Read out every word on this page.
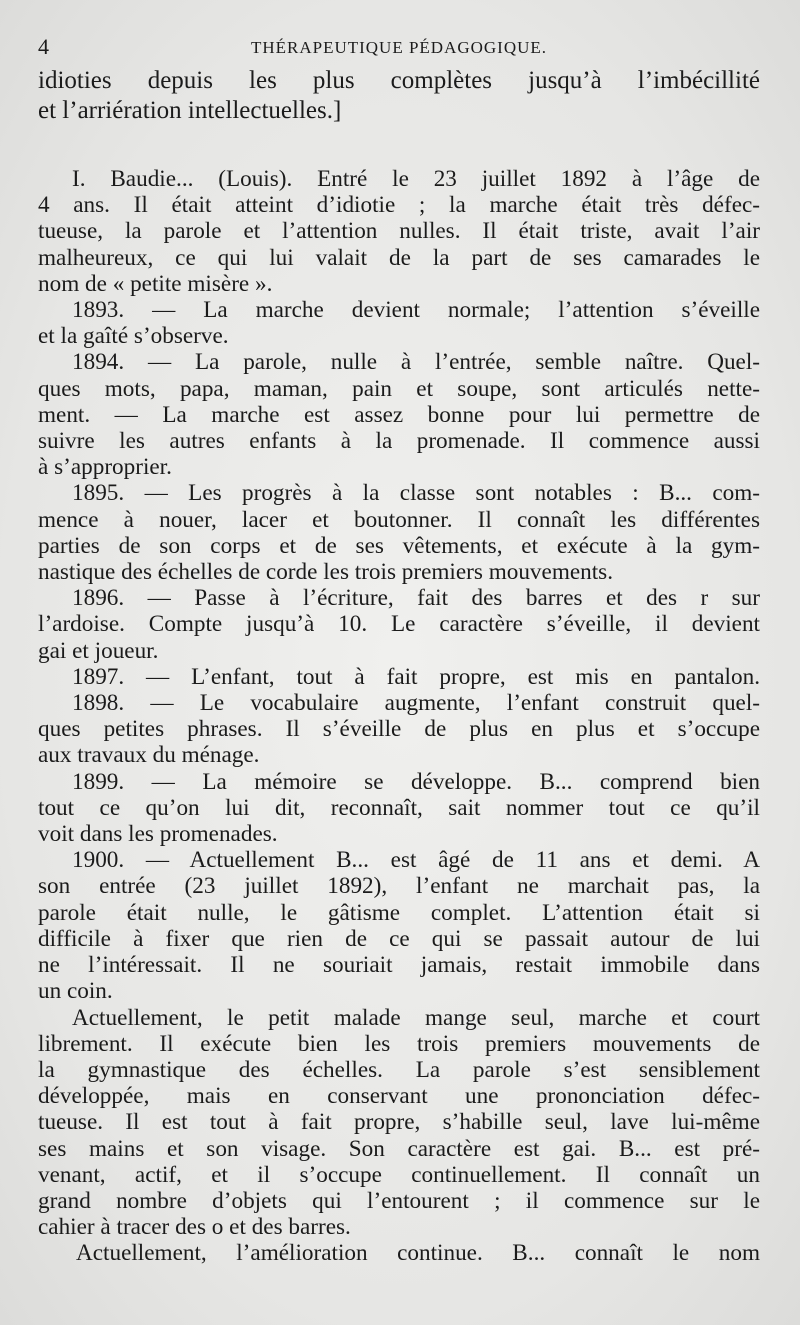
4	THÉRAPEUTIQUE PÉDAGOGIQUE.
idioties depuis les plus complètes jusqu’à l’imbécillité
et l’arriération intellectuelles.]
I. Baudie... (Louis). Entré le 23 juillet 1892 à l’âge de
4 ans. Il était atteint d’idiotie ; la marche était très défec-
tueuse, la parole et l’attention nulles. Il était triste, avait l’air
malheureux, ce qui lui valait de la part de ses camarades le
nom de « petite misère ».
1893. — La marche devient normale; l’attention s’éveille
et la gaîté s’observe.
1894. — La parole, nulle à l’entrée, semble naître. Quel-
ques mots, papa, maman, pain et soupe, sont articulés nette-
ment. — La marche est assez bonne pour lui permettre de
suivre les autres enfants à la promenade. Il commence aussi
à s’approprier.
1895. — Les progrès à la classe sont notables : B... com-
mence à nouer, lacer et boutonner. Il connaît les différentes
parties de son corps et de ses vêtements, et exécute à la gym-
nastique des échelles de corde les trois premiers mouvements.
1896. — Passe à l’écriture, fait des barres et des r sur
l’ardoise. Compte jusqu’à 10. Le caractère s’éveille, il devient
gai et joueur.
1897. — L’enfant, tout à fait propre, est mis en pantalon.
1898. — Le vocabulaire augmente, l’enfant construit quel-
ques petites phrases. Il s’éveille de plus en plus et s’occupe
aux travaux du ménage.
1899. — La mémoire se développe. B... comprend bien
tout ce qu’on lui dit, reconnaît, sait nommer tout ce qu’il
voit dans les promenades.
1900. — Actuellement B... est âgé de 11 ans et demi. A
son entrée (23 juillet 1892), l’enfant ne marchait pas, la
parole était nulle, le gâtisme complet. L’attention était si
difficile à fixer que rien de ce qui se passait autour de lui
ne l’intéressait. Il ne souriait jamais, restait immobile dans
un coin.
Actuellement, le petit malade mange seul, marche et court
librement. Il exécute bien les trois premiers mouvements de
la gymnastique des échelles. La parole s’est sensiblement
développée, mais en conservant une prononciation défec-
tueuse. Il est tout à fait propre, s’habille seul, lave lui-même
ses mains et son visage. Son caractère est gai. B... est pré-
venant, actif, et il s’occupe continuellement. Il connaît un
grand nombre d’objets qui l’entourent ; il commence sur le
cahier à tracer des o et des barres.
Actuellement, l’amélioration continue. B... connaît le nom
